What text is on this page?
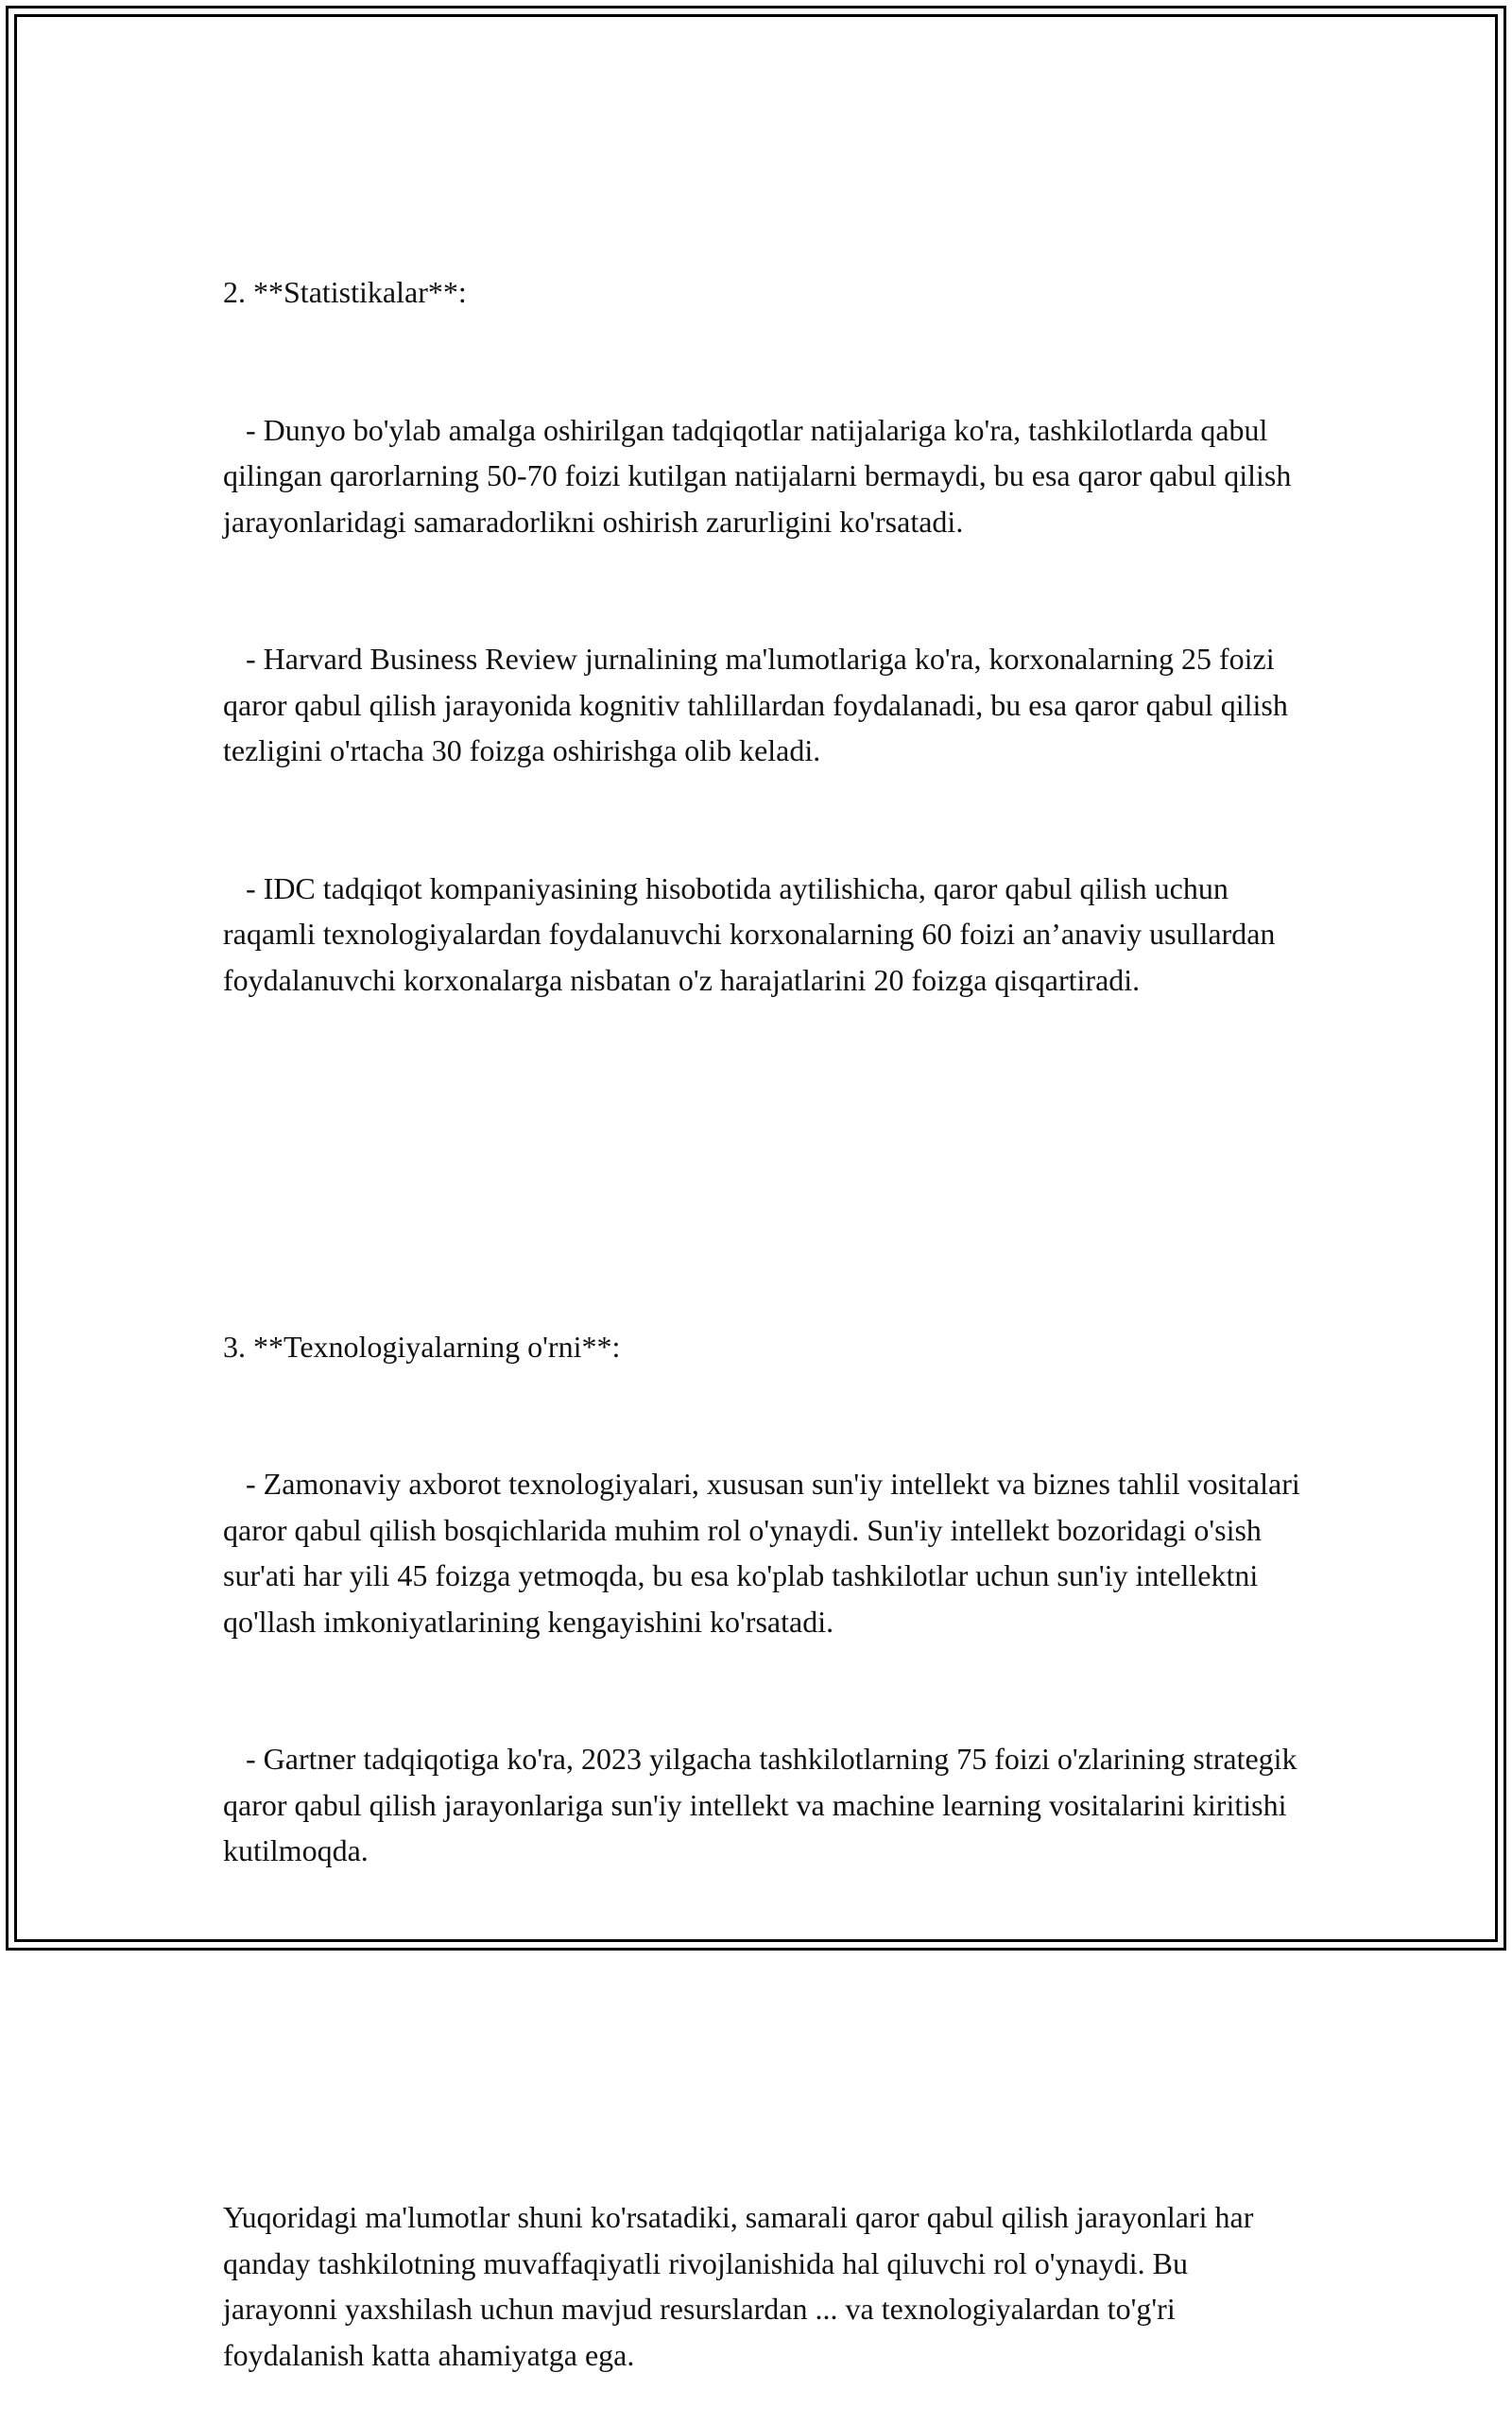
2. **Statistikalar**:

- Dunyo bo'ylab amalga oshirilgan tadqiqotlar natijalariga ko'ra, tashkilotlarda qabul qilingan qarorlarning 50-70 foizi kutilgan natijalarni bermaydi, bu esa qaror qabul qilish jarayonlaridagi samaradorlikni oshirish zarurligini ko'rsatadi.

- Harvard Business Review jurnalining ma'lumotlariga ko'ra, korxonalarning 25 foizi qaror qabul qilish jarayonida kognitiv tahlillardan foydalanadi, bu esa qaror qabul qilish tezligini o'rtacha 30 foizga oshirishga olib keladi.

- IDC tadqiqot kompaniyasining hisobotida aytilishicha, qaror qabul qilish uchun raqamli texnologiyalardan foydalanuvchi korxonalarning 60 foizi an’anaviy usullardan foydalanuvchi korxonalarga nisbatan o'z harajatlarini 20 foizga qisqartiradi.

3. **Texnologiyalarning o'rni**:

- Zamonaviy axborot texnologiyalari, xususan sun'iy intellekt va biznes tahlil vositalari qaror qabul qilish bosqichlarida muhim rol o'ynaydi. Sun'iy intellekt bozoridagi o'sish sur'ati har yili 45 foizga yetmoqda, bu esa ko'plab tashkilotlar uchun sun'iy intellektni qo'llash imkoniyatlarining kengayishini ko'rsatadi.

- Gartner tadqiqotiga ko'ra, 2023 yilgacha tashkilotlarning 75 foizi o'zlarining strategik qaror qabul qilish jarayonlariga sun'iy intellekt va machine learning vositalarini kiritishi kutilmoqda.

Yuqoridagi ma'lumotlar shuni ko'rsatadiki, samarali qaror qabul qilish jarayonlari har qanday tashkilotning muvaffaqiyatli rivojlanishida hal qiluvchi rol o'ynaydi. Bu jarayonni yaxshilash uchun mavjud resurslardan ... va texnologiyalardan to'g'ri foydalanish katta ahamiyatga ega.
